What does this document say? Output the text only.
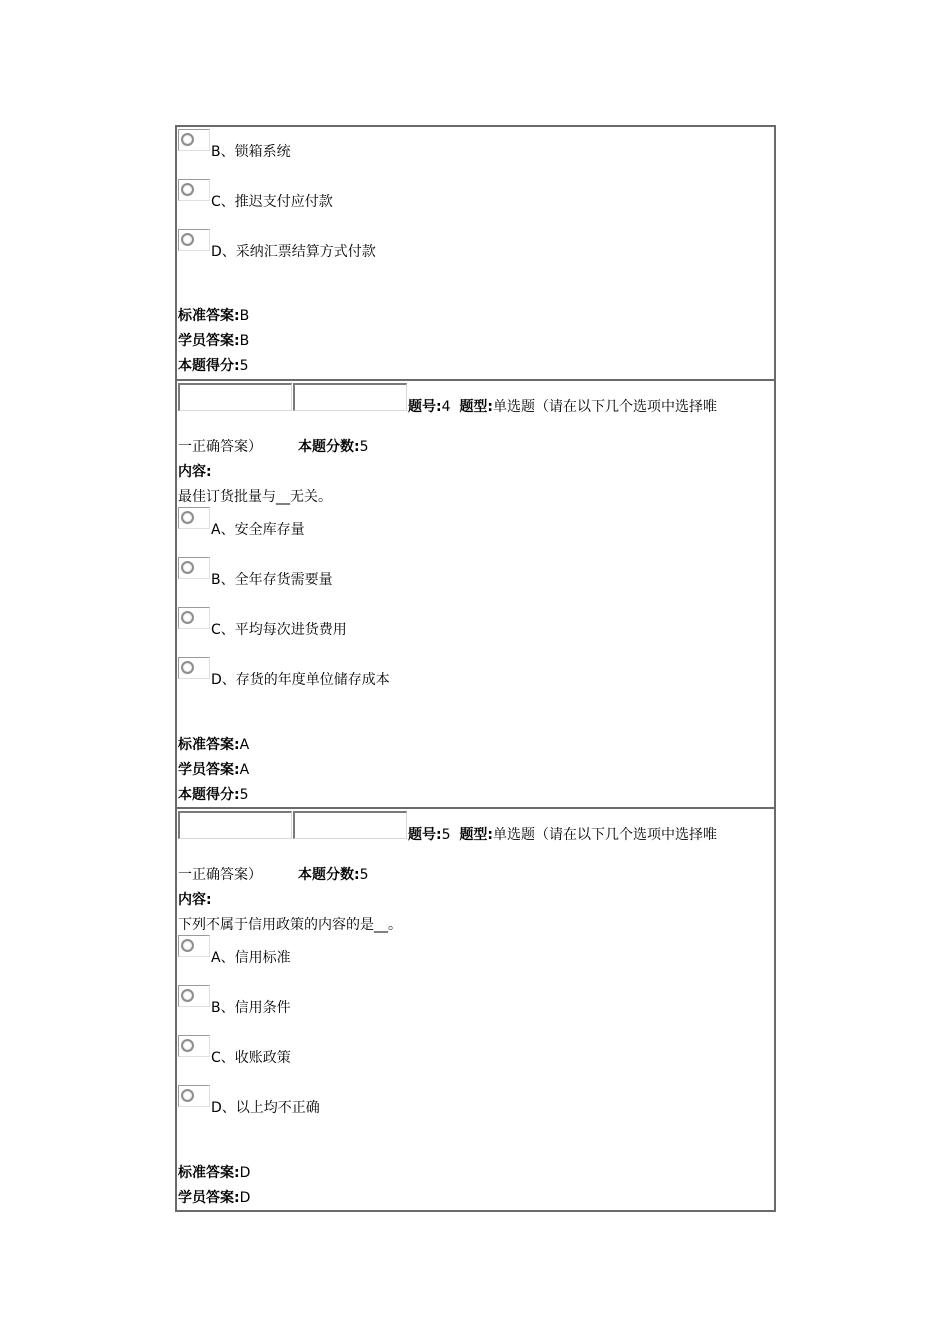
B、锁箱系统
C、推迟支付应付款
D、采纳汇票结算方式付款
标准答案:B
学员答案:B
本题得分:5
题号:4 题型:单选题（请在以下几个选项中选择唯
一正确答案）	本题分数:5
内容:
最佳订货批量与__无关。
A、安全库存量
B、全年存货需要量
C、平均每次进货费用
D、存货的年度单位储存成本
标准答案:A
学员答案:A
本题得分:5
题号:5 题型:单选题（请在以下几个选项中选择唯
一正确答案）	本题分数:5
内容:
下列不属于信用政策的内容的是__。
A、信用标准
B、信用条件
C、收账政策
D、以上均不正确
标准答案:D
学员答案:D
